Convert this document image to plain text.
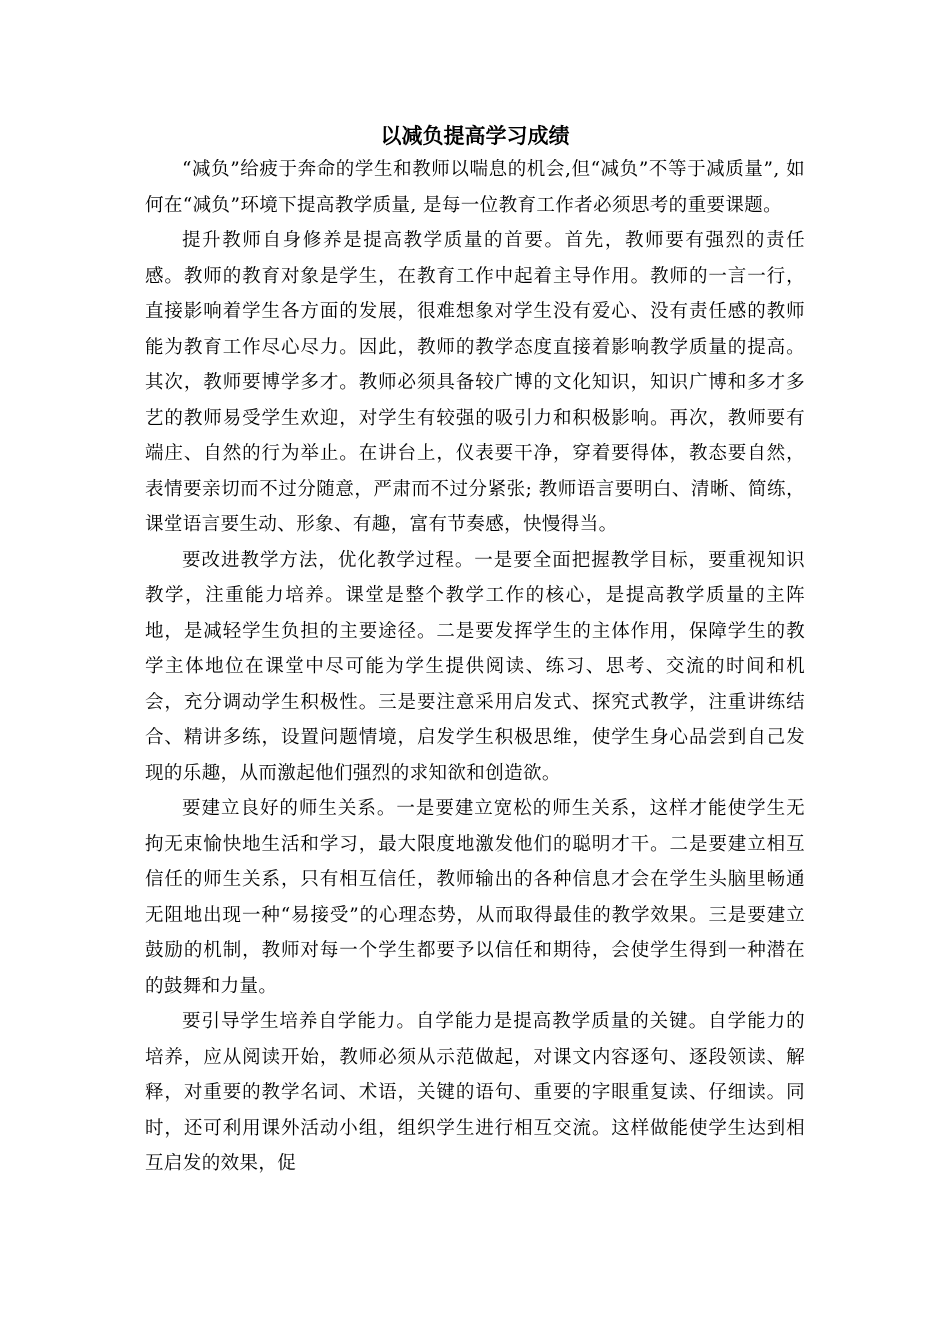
以减负提高学习成绩

“减负”给疲于奔命的学生和教师以喘息的机会,但“减负”不等于减质量”, 如何在“减负”环境下提高教学质量, 是每一位教育工作者必须思考的重要课题。

提升教师自身修养是提高教学质量的首要。首先，教师要有强烈的责任感。教师的教育对象是学生，在教育工作中起着主导作用。教师的一言一行，直接影响着学生各方面的发展，很难想象对学生没有爱心、没有责任感的教师能为教育工作尽心尽力。因此，教师的教学态度直接着影响教学质量的提高。其次，教师要博学多才。教师必须具备较广博的文化知识，知识广博和多才多艺的教师易受学生欢迎，对学生有较强的吸引力和积极影响。再次，教师要有端庄、自然的行为举止。在讲台上，仪表要干净，穿着要得体，教态要自然，表情要亲切而不过分随意，严肃而不过分紧张; 教师语言要明白、清晰、简练，课堂语言要生动、形象、有趣，富有节奏感，快慢得当。

要改进教学方法，优化教学过程。一是要全面把握教学目标，要重视知识教学，注重能力培养。课堂是整个教学工作的核心，是提高教学质量的主阵地，是减轻学生负担的主要途径。二是要发挥学生的主体作用，保障学生的教学主体地位在课堂中尽可能为学生提供阅读、练习、思考、交流的时间和机会，充分调动学生积极性。三是要注意采用启发式、探究式教学，注重讲练结合、精讲多练，设置问题情境，启发学生积极思维，使学生身心品尝到自己发现的乐趣，从而激起他们强烈的求知欲和创造欲。

要建立良好的师生关系。一是要建立宽松的师生关系，这样才能使学生无拘无束愉快地生活和学习，最大限度地激发他们的聪明才干。二是要建立相互信任的师生关系，只有相互信任，教师输出的各种信息才会在学生头脑里畅通无阻地出现一种“易接受”的心理态势，从而取得最佳的教学效果。三是要建立鼓励的机制，教师对每一个学生都要予以信任和期待，会使学生得到一种潜在的鼓舞和力量。

要引导学生培养自学能力。自学能力是提高教学质量的关键。自学能力的培养，应从阅读开始，教师必须从示范做起，对课文内容逐句、逐段领读、解释，对重要的教学名词、术语，关键的语句、重要的字眼重复读、仔细读。同时，还可利用课外活动小组，组织学生进行相互交流。这样做能使学生达到相互启发的效果，促
